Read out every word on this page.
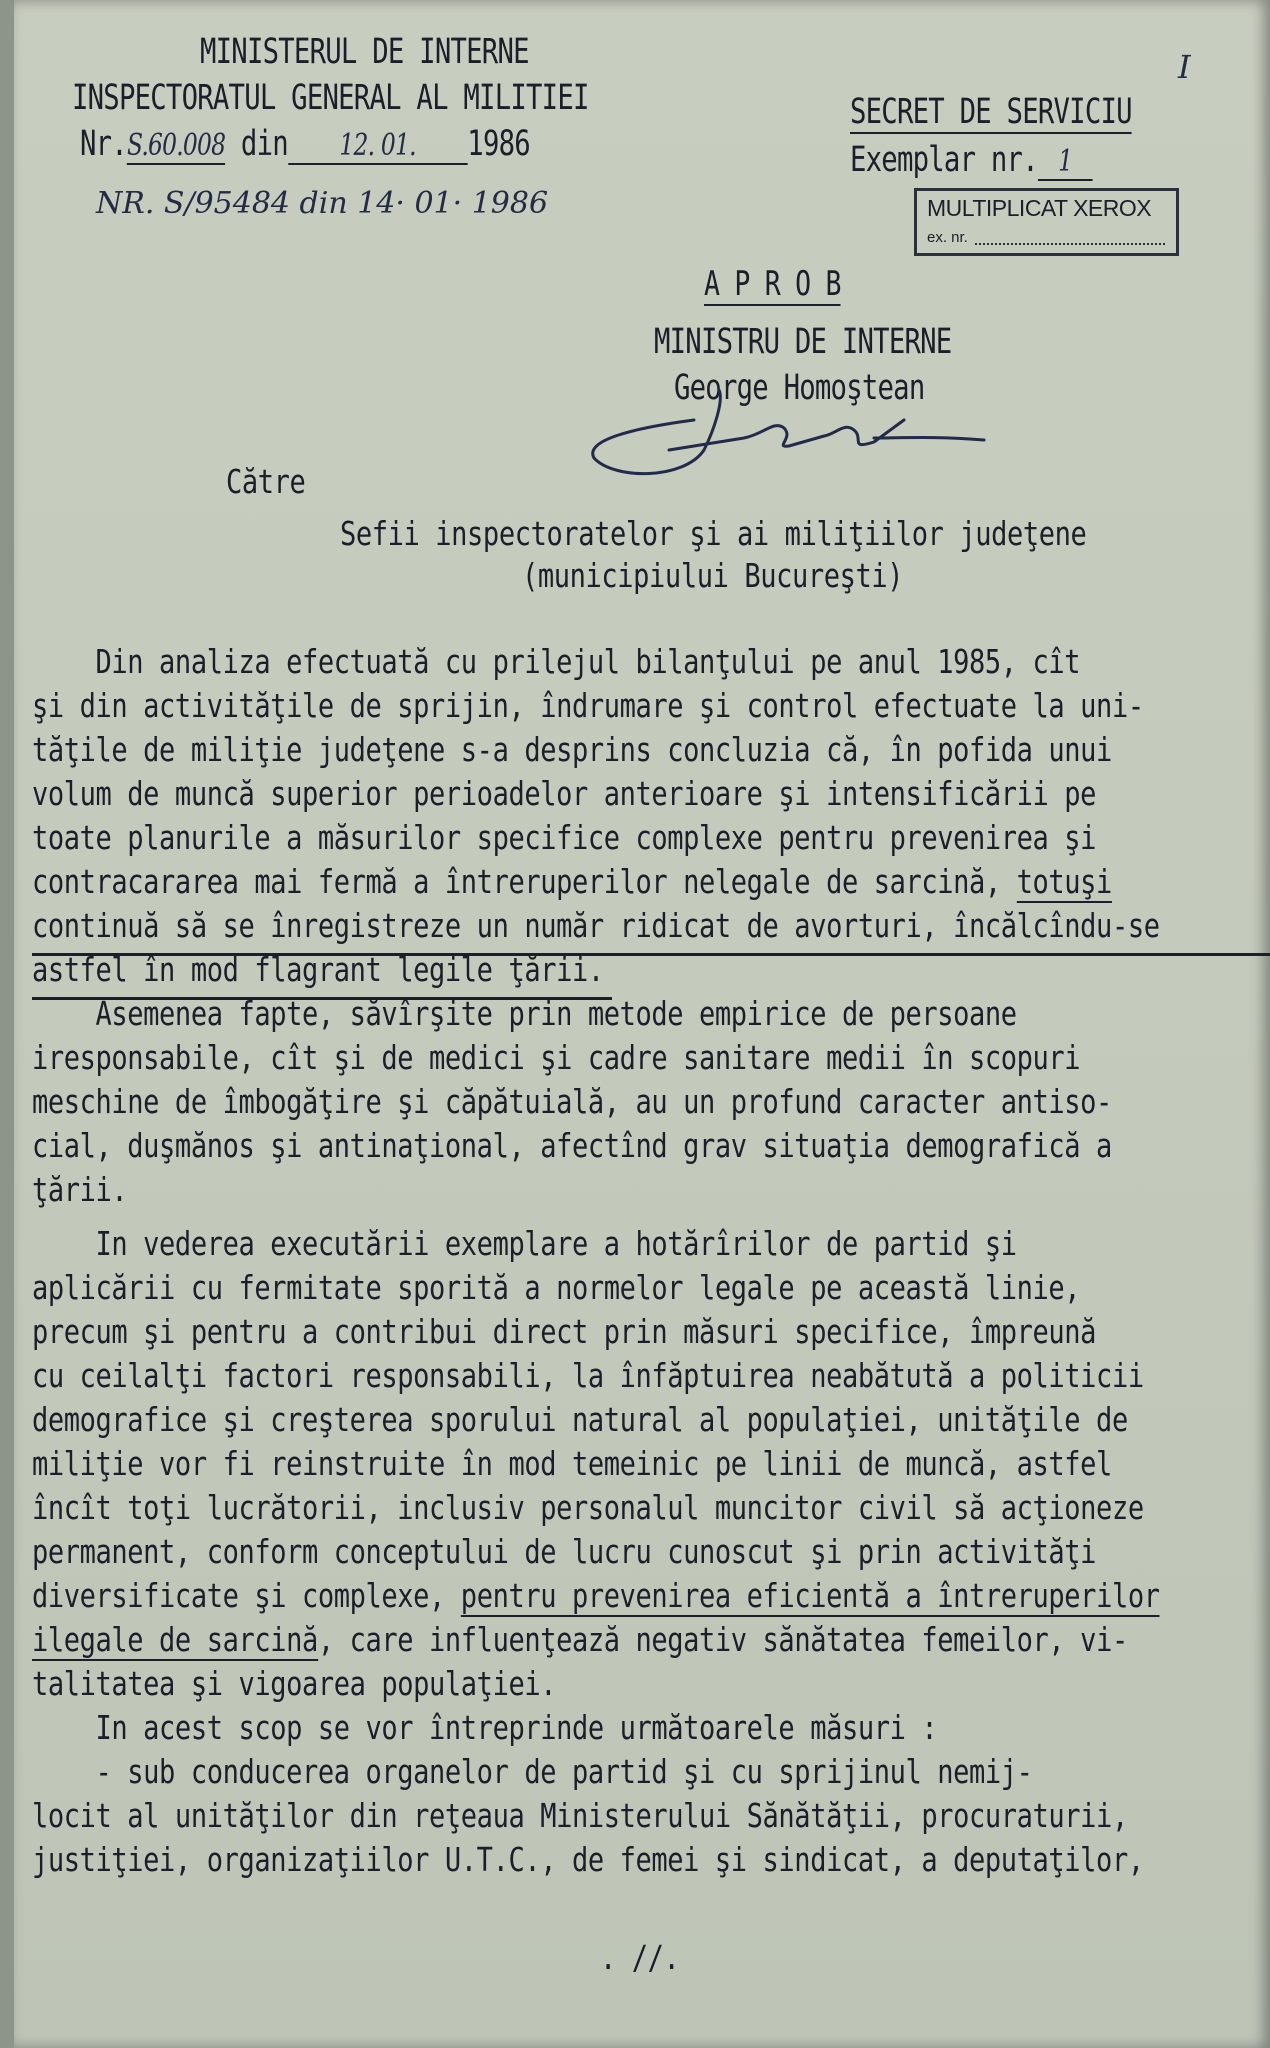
MINISTERUL DE INTERNE
INSPECTORATUL GENERAL AL MILITIEI
Nr.S.60.008 din 12. 01. 1986
NR. S/95484 din 14· 01· 1986
I
SECRET DE SERVICIU
Exemplar nr. 1
MULTIPLICAT XEROX
ex. nr.
A P R O B
MINISTRU DE INTERNE
George Homoştean
Către
Sefii inspectoratelor şi ai miliţiilor judeţene
(municipiului Bucureşti)
Din analiza efectuată cu prilejul bilanţului pe anul 1985, cît
şi din activităţile de sprijin, îndrumare şi control efectuate la uni-
tăţile de miliţie judeţene s-a desprins concluzia că, în pofida unui
volum de muncă superior perioadelor anterioare şi intensificării pe
toate planurile a măsurilor specifice complexe pentru prevenirea şi
contracararea mai fermă a întreruperilor nelegale de sarcină, totuşi
continuă să se înregistreze un număr ridicat de avorturi, încălcîndu-se
astfel în mod flagrant legile ţării.
Asemenea fapte, săvîrşite prin metode empirice de persoane
iresponsabile, cît şi de medici şi cadre sanitare medii în scopuri
meschine de îmbogăţire şi căpătuială, au un profund caracter antiso-
cial, duşmănos şi antinaţional, afectînd grav situaţia demografică a
ţării.
In vederea executării exemplare a hotărîrilor de partid şi
aplicării cu fermitate sporită a normelor legale pe această linie,
precum şi pentru a contribui direct prin măsuri specifice, împreună
cu ceilalţi factori responsabili, la înfăptuirea neabătută a politicii
demografice şi creşterea sporului natural al populaţiei, unităţile de
miliţie vor fi reinstruite în mod temeinic pe linii de muncă, astfel
încît toţi lucrătorii, inclusiv personalul muncitor civil să acţioneze
permanent, conform conceptului de lucru cunoscut şi prin activităţi
diversificate şi complexe, pentru prevenirea eficientă a întreruperilor
ilegale de sarcină, care influenţează negativ sănătatea femeilor, vi-
talitatea şi vigoarea populaţiei.
In acest scop se vor întreprinde următoarele măsuri :
- sub conducerea organelor de partid şi cu sprijinul nemij-
locit al unităţilor din reţeaua Ministerului Sănătăţii, procuraturii,
justiţiei, organizaţiilor U.T.C., de femei şi sindicat, a deputaţilor,
. //.
